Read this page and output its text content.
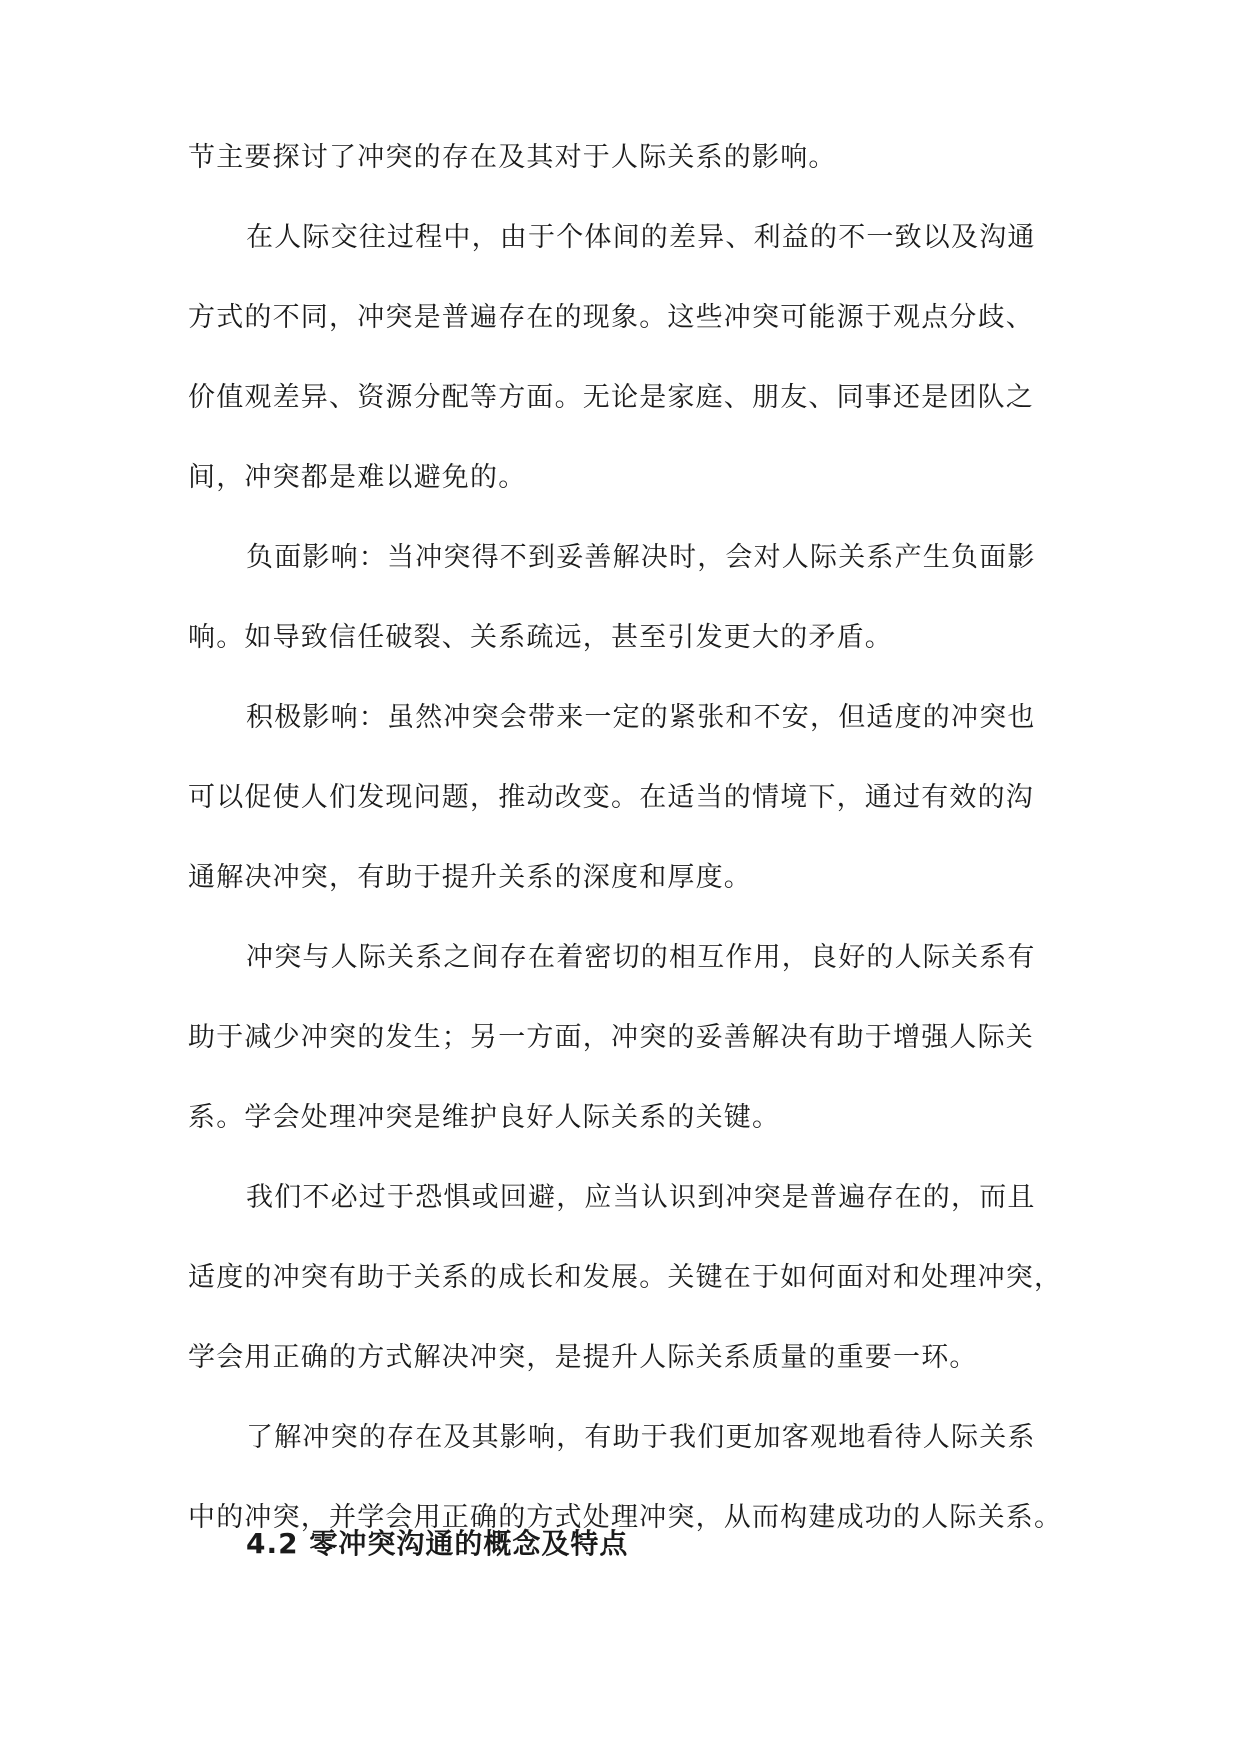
节主要探讨了冲突的存在及其对于人际关系的影响。
在人际交往过程中，由于个体间的差异、利益的不一致以及沟通
方式的不同，冲突是普遍存在的现象。这些冲突可能源于观点分歧、
价值观差异、资源分配等方面。无论是家庭、朋友、同事还是团队之
间，冲突都是难以避免的。
负面影响：当冲突得不到妥善解决时，会对人际关系产生负面影
响。如导致信任破裂、关系疏远，甚至引发更大的矛盾。
积极影响：虽然冲突会带来一定的紧张和不安，但适度的冲突也
可以促使人们发现问题，推动改变。在适当的情境下，通过有效的沟
通解决冲突，有助于提升关系的深度和厚度。
冲突与人际关系之间存在着密切的相互作用，良好的人际关系有
助于减少冲突的发生；另一方面，冲突的妥善解决有助于增强人际关
系。学会处理冲突是维护良好人际关系的关键。
我们不必过于恐惧或回避，应当认识到冲突是普遍存在的，而且
适度的冲突有助于关系的成长和发展。关键在于如何面对和处理冲突，
学会用正确的方式解决冲突，是提升人际关系质量的重要一环。
了解冲突的存在及其影响，有助于我们更加客观地看待人际关系
中的冲突，并学会用正确的方式处理冲突，从而构建成功的人际关系。
4.2 零冲突沟通的概念及特点
